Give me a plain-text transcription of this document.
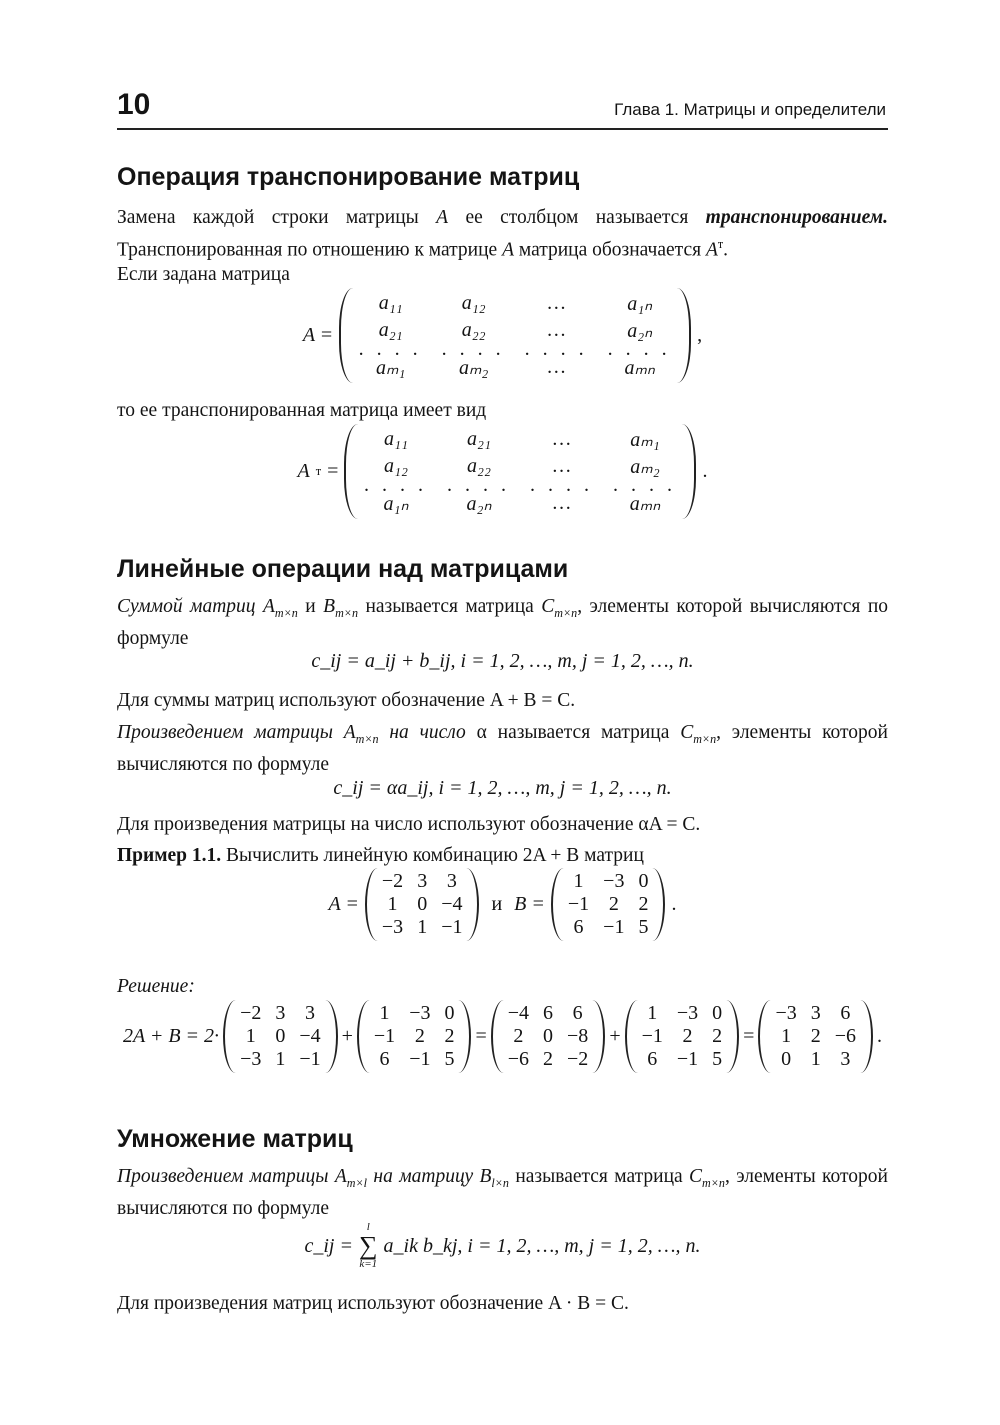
10	Глава 1. Матрицы и определители
Операция транспонирование матриц

Замена каждой строки матрицы A ее столбцом называется транспонированием. Транспонированная по отношению к матрице A матрица обозначается $A^т$.

Если задана матрица

A =
a₁₁	a₁₂	…	a₁ₙ
a₂₁	a₂₂	…	a₂ₙ
. . . .	. . . .	. . . .	. . . .
aₘ₁	aₘ₂	…	aₘₙ
,

то ее транспонированная матрица имеет вид

A т =
a₁₁	a₂₁	…	aₘ₁
a₁₂	a₂₂	…	aₘ₂
. . . .	. . . .	. . . .	. . . .
a₁ₙ	a₂ₙ	…	aₘₙ
.
Линейные операции над матрицами

Суммой матриц $A_{m\times n}$ и $B_{m\times n}$ называется матрица $C_{m\times n}$, элементы которой вычисляются по формуле

c_ij = a_ij + b_ij, i = 1, 2, …, m, j = 1, 2, …, n.

Для суммы матриц используют обозначение A + B = C.

Произведением матрицы $A_{m\times n}$ на число α называется матрица $C_{m\times n}$, элементы которой вычисляются по формуле

c_ij = αa_ij, i = 1, 2, …, m, j = 1, 2, …, n.

Для произведения матрицы на число используют обозначение αA = C.

Пример 1.1. Вычислить линейную комбинацию 2A + B матриц

A =
−2	3	3
1	0	−4
−3	1	−1
и B =
1	−3	0
−1	2	2
6	−1	5
.

Решение:

2A + B = 2·
−2	3	3
1	0	−4
−3	1	−1
+
1	−3	0
−1	2	2
6	−1	5
=
−4	6	6
2	0	−8
−6	2	−2
+
1	−3	0
−1	2	2
6	−1	5
=
−3	3	6
1	2	−6
0	1	3
.
Умножение матриц

Произведением матрицы $A_{m\times l}$ на матрицу $B_{l\times n}$ называется матрица $C_{m\times n}$, элементы которой вычисляются по формуле

c_ij =
l
∑
k=1
a_ik b_kj, i = 1, 2, …, m, j = 1, 2, …, n.

Для произведения матриц используют обозначение A · B = C.
